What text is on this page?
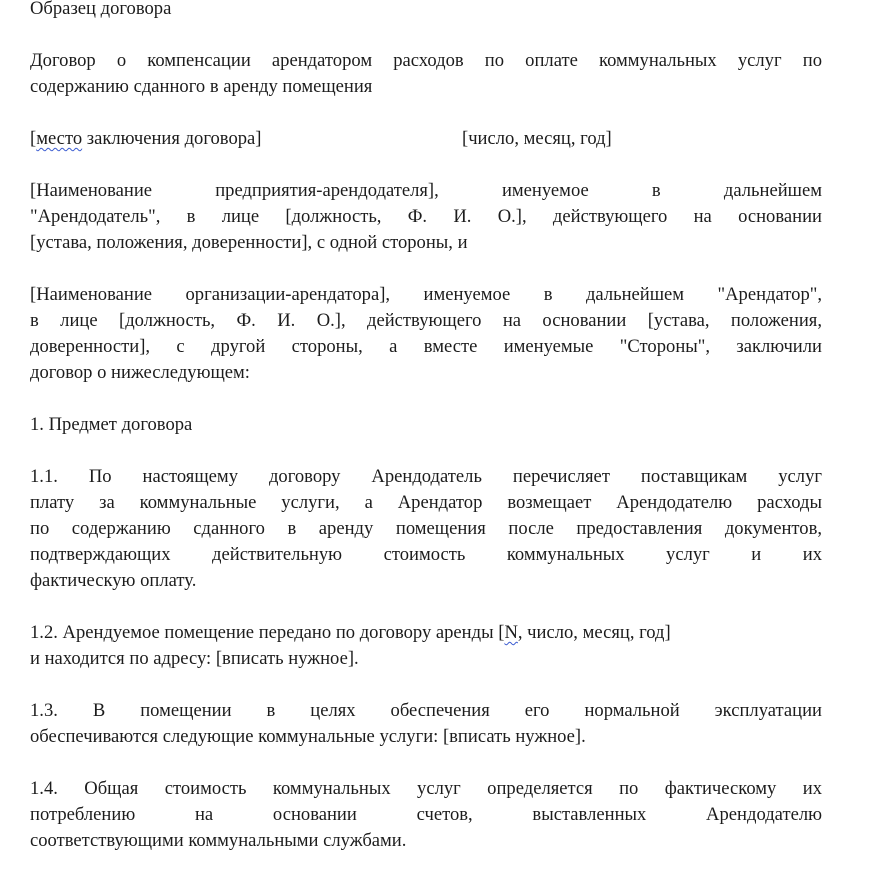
Образец договора
Договор о компенсации арендатором расходов по оплате коммунальных услуг по
содержанию сданного в аренду помещения
[место заключения договора]	[число, месяц, год]
[Наименование предприятия-арендодателя], именуемое в дальнейшем
"Арендодатель", в лице [должность, Ф. И. О.], действующего на основании
[устава, положения, доверенности], с одной стороны, и
[Наименование организации-арендатора], именуемое в дальнейшем "Арендатор",
в лице [должность, Ф. И. О.], действующего на основании [устава, положения,
доверенности], с другой стороны, а вместе именуемые "Стороны", заключили
договор о нижеследующем:
1. Предмет договора
1.1. По настоящему договору Арендодатель перечисляет поставщикам услуг
плату за коммунальные услуги, а Арендатор возмещает Арендодателю расходы
по содержанию сданного в аренду помещения после предоставления документов,
подтверждающих действительную стоимость коммунальных услуг и их
фактическую оплату.
1.2. Арендуемое помещение передано по договору аренды [N, число, месяц, год]
и находится по адресу: [вписать нужное].
1.3. В помещении в целях обеспечения его нормальной эксплуатации
обеспечиваются следующие коммунальные услуги: [вписать нужное].
1.4. Общая стоимость коммунальных услуг определяется по фактическому их
потреблению на основании счетов, выставленных Арендодателю
соответствующими коммунальными службами.
